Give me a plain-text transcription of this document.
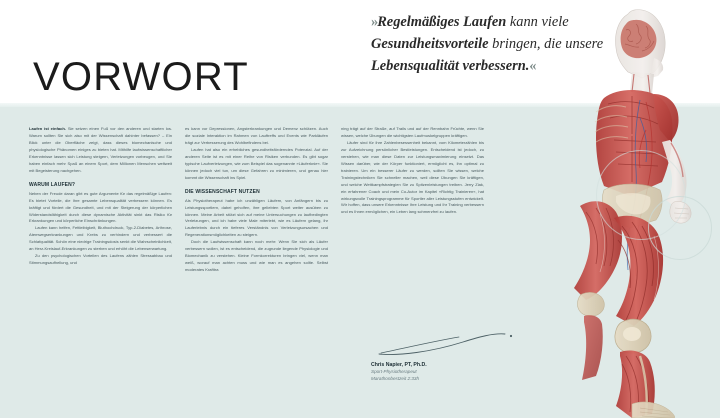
VORWORT
»Regelmäßiges Laufen kann viele Gesundheitsvorteile bringen, die unsere Lebensqualität verbessern.«

Laufen ist einfach. Sie setzen einen Fuß vor den anderen und starten los. Warum sollten Sie sich also mit der Wissenschaft dahinter befassen? – Ein Blick unter die Oberfläche zeigt, dass dieses biomechanische und physiologische Phänomen einiges zu bieten hat. Mithilfe laufwissenschaftlicher Erkenntnisse lassen sich Leistung steigern, Verletzungen vorbeugen, und Sie haben einfach mehr Spaß an einem Sport, dem Millionen Menschen weltweit mit Begeisterung nachgehen.

WARUM LAUFEN?

Neben der Freude daran gibt es gute Argumente für das regelmäßige Laufen: Es bietet Vorteile, die Ihre gesamte Lebensqualität verbessern können. Es kräftigt und fördert die Gesundheit, und mit der Steigerung der körperlichen Widerstandsfähigkeit durch diese dynamische Aktivität sinkt das Risiko für Erkrankungen und körperliche Einschränkungen.

Laufen kann helfen, Fettleibigkeit, Bluthochdruck, Typ-2-Diabetes, Arthrose, Atemwegserkrankungen und Krebs zu verhindern und verbessert die Schlafqualität. Schön eine niedrige Trainingsdosis senkt die Wahrscheinlichkeit, an Herz-Kreislauf-Erkrankungen zu sterben und erhöht die Lebenserwartung.

Zu den psychologischen Vorteilen des Laufens zählen Stressabbau und Stimmungsaufhellung, und

es kann vor Depressionen, Angsterkrankungen und Demenz schützen. Auch die soziale Interaktion im Rahmen von Lauftreffs und Events wie Parkläufen trägt zur Verbesserung des Wohlbefindens bei.

Laufen hat also ein erhebliches gesundheitsförderndes Potenzial. Auf der anderen Seite ist es mit einer Reihe von Risiken verbunden. Es gibt sogar typische Laufverletzungen, wie zum Beispiel das sogenannte »Läuferknie«. Sie können jedoch viel tun, um diese Gefahren zu minimieren, und genau hier kommt die Wissenschaft ins Spiel.

DIE WISSENSCHAFT NUTZEN

Als Physiotherapeut habe ich unzähligen Läufern, von Anfängern bis zu Leistungssportlern, dabei geholfen, ihre geliebten Sport weiter ausüben zu können. Meine Arbeit stützt sich auf meine Untersuchungen zu laufbedingten Verletzungen, und ich habe viele Male miterlebt, wie es Läufern gelang, ihr Lauferlebnis durch ein tieferes Verständnis von Verletzungsursachen und Regenerationsmöglichkeiten zu steigern.

Doch die Laufwissenschaft kann noch mehr: Wenn Sie sich als Läufer verbessern wollen, ist es entscheidend, die zugrunde liegende Physiologie und Biomechanik zu verstehen. Kleine Formkorrekturen bringen viel, wenn man weiß, worauf man achten muss und wie man es angehen sollte. Selbst moderates Krafttra

ning trägt auf der Straße, auf Trails und auf der Rennbahn Früchte, wenn Sie wissen, welche Übungen die wichtigsten Laufmuskelgruppen kräftigen.

Läufer sind für ihre Zahlenbesessenheit bekannt, vom Kilometerzählen bis zur Aufzeichnung persönlicher Bestleistungen. Entscheidend ist jedoch, zu verstehen, wie man diese Daten zur Leistungsmaximierung einsetzt. Das Wissen darüber, wie der Körper funktioniert, ermöglicht es, ihn optimal zu trainieren. Um ein besserer Läufer zu werden, sollten Sie wissen, welche Trainingstechniken Sie schneller machen, weil diese Übungen Sie kräftigen, und welche Wettkampfstrategien Sie zu Spitzenleistungen treiben. Jerry Ziak, ein erfahrener Coach und mein Co-Autor im Kapitel »Richtig Trainieren«, hat wirkungsvolle Trainingsprogramme für Sportler aller Leistungsstufen entwickelt. Wir hoffen, dass unsere Erkenntnisse Ihre Leistung und Ihr Training verbessern und es Ihnen ermöglichen, ein Leben lang schmerzfrei zu laufen.

Chris Napier, PT, Ph.D.
Sport-Physiotherapeut
Marathonbestzeit 2:33h
